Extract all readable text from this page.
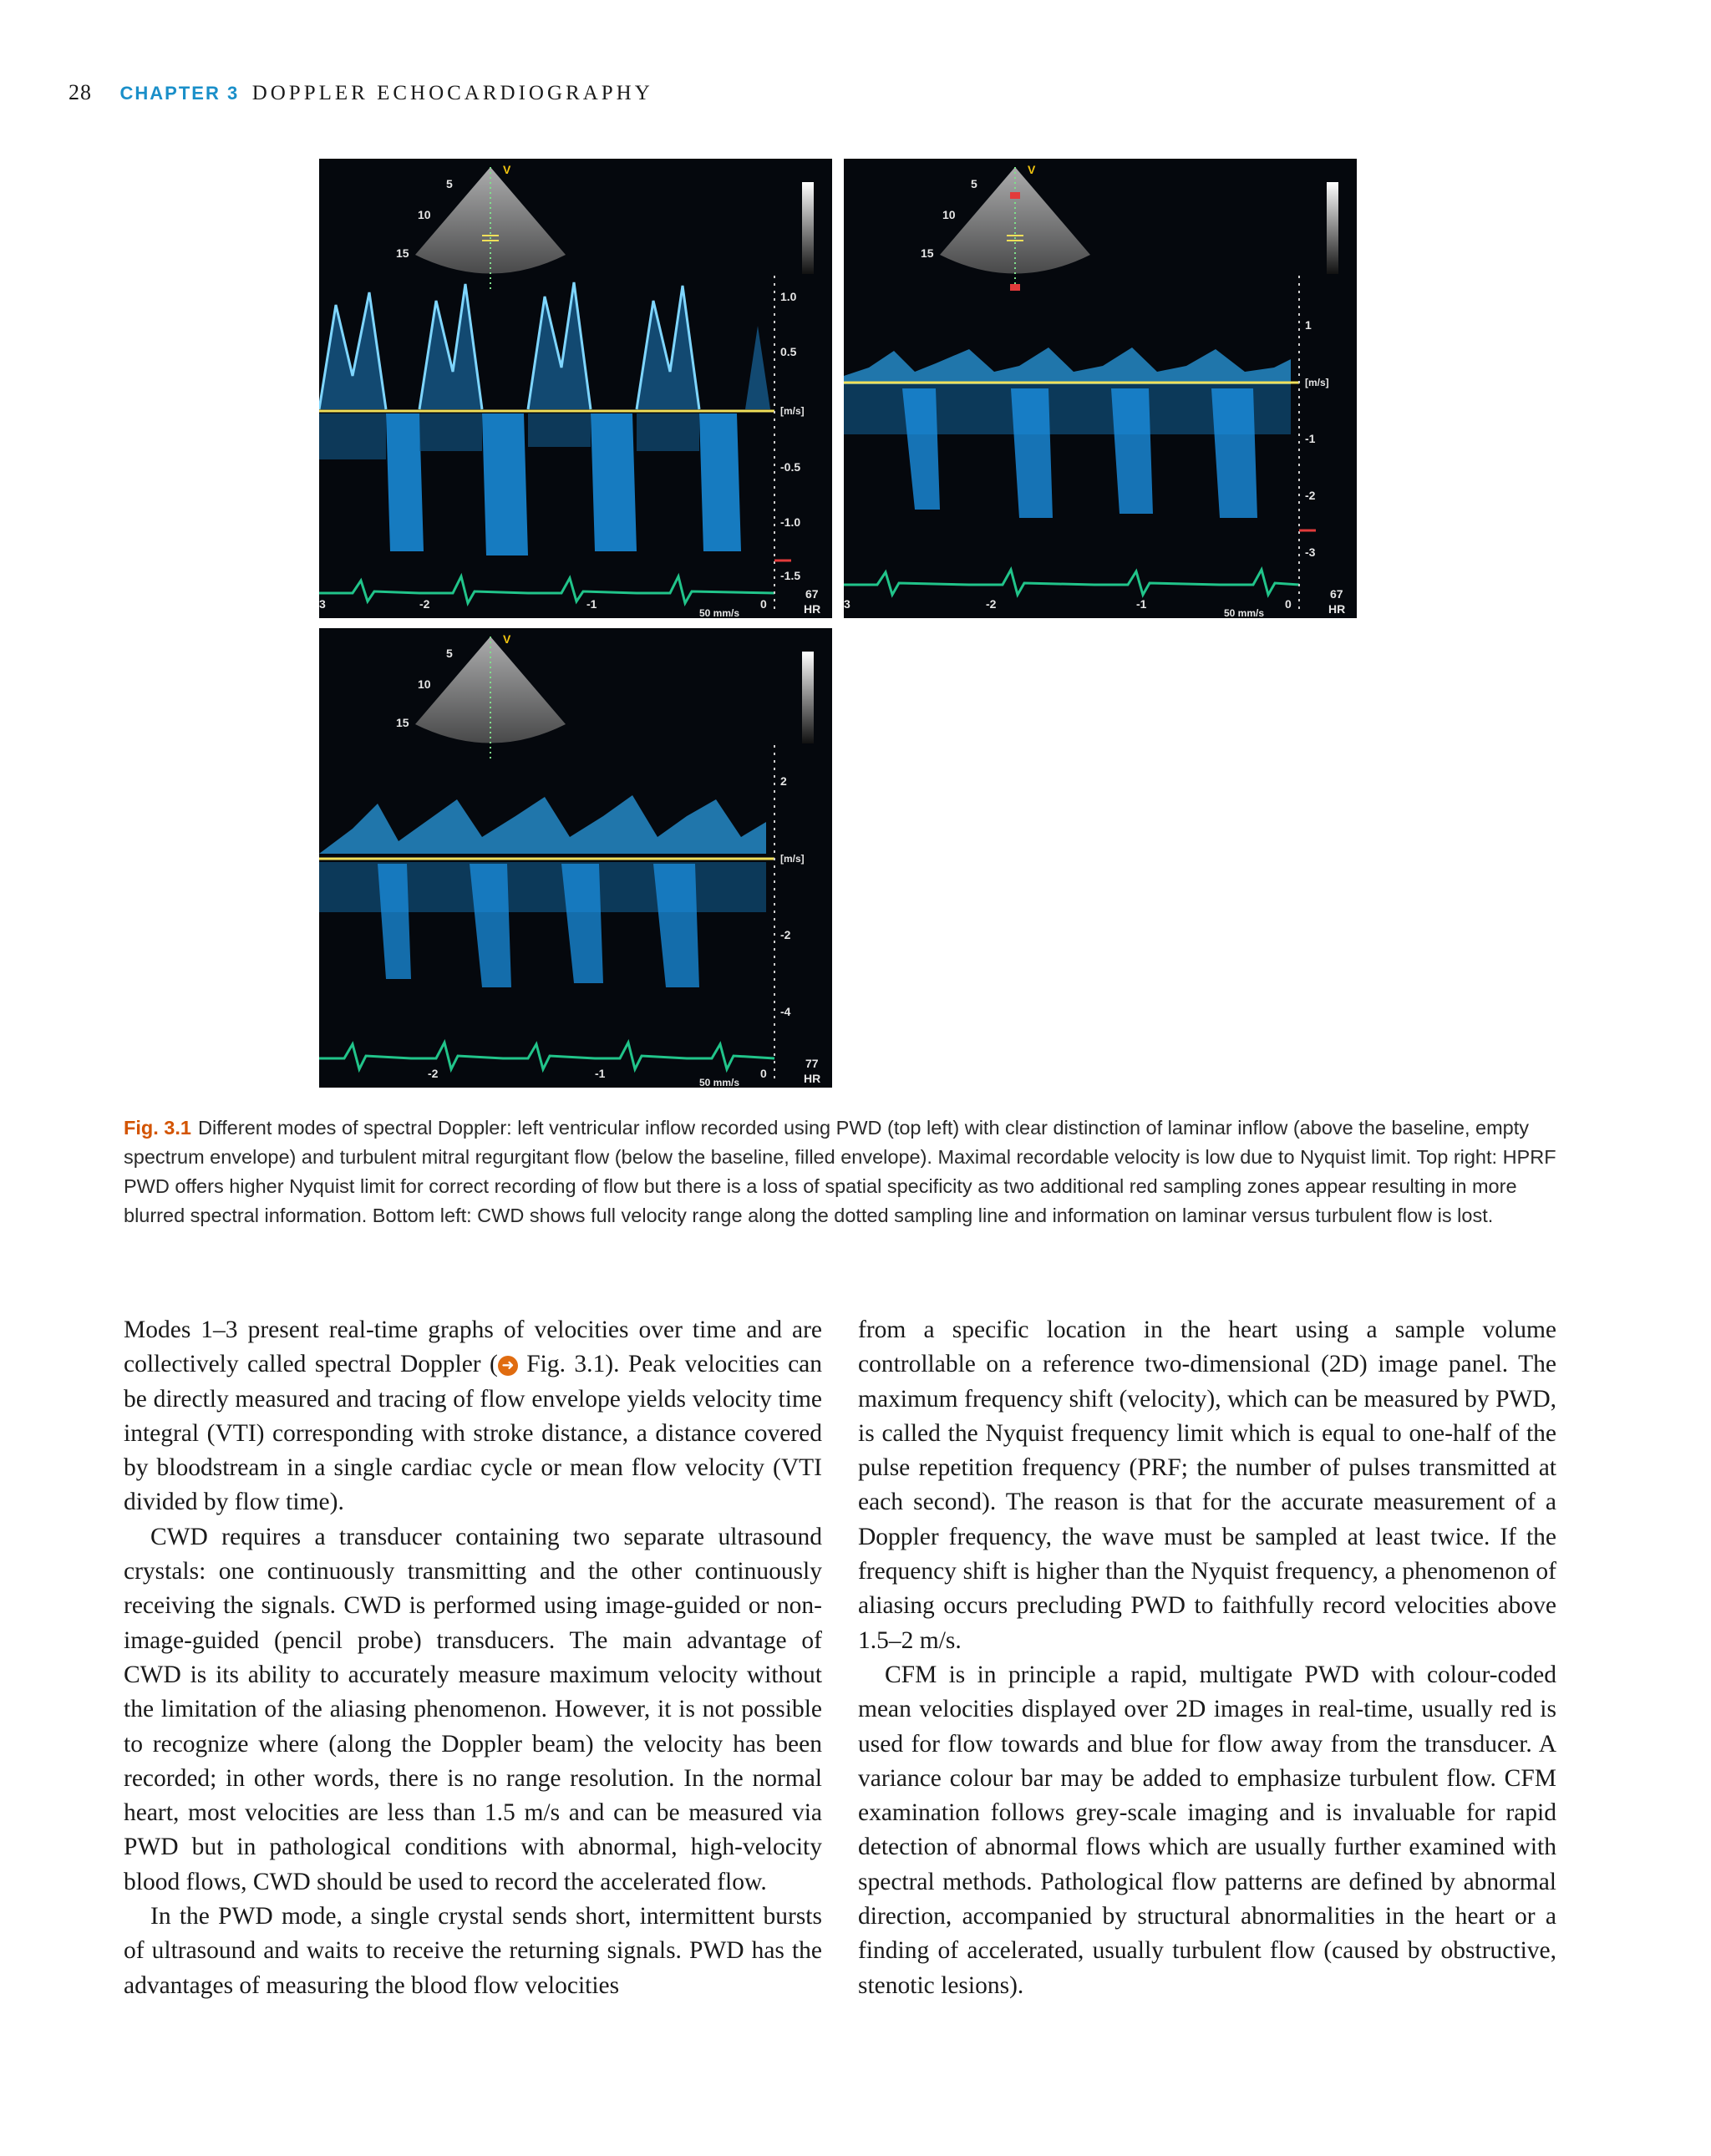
28 CHAPTER 3 DOPPLER ECHOCARDIOGRAPHY
5
10
15
V
1.0
0.5
[m/s]
-0.5
-1.0
-1.5
3	-2	-1	0
50 mm/s
67
HR
5
10
15
V
1
[m/s]
-1
-2
-3
3	-2	-1	0
50 mm/s
67
HR
5
10
15
V
2
[m/s]
-2
-4
-2	-1	0
50 mm/s
77
HR
Fig. 3.1 Different modes of spectral Doppler: left ventricular inflow recorded using PWD (top left) with clear distinction of laminar inflow (above the baseline, empty spectrum envelope) and turbulent mitral regurgitant flow (below the baseline, filled envelope). Maximal recordable velocity is low due to Nyquist limit. Top right: HPRF PWD offers higher Nyquist limit for correct recording of flow but there is a loss of spatial specificity as two additional red sampling zones appear resulting in more blurred spectral information. Bottom left: CWD shows full velocity range along the dotted sampling line and information on laminar versus turbulent flow is lost.

Modes 1–3 present real-time graphs of velocities over time and are collectively called spectral Doppler ( ➜ Fig. 3.1). Peak velocities can be directly measured and tracing of flow envelope yields velocity time integral (VTI) corresponding with stroke distance, a distance covered by bloodstream in a single cardiac cycle or mean flow velocity (VTI divided by flow time).

CWD requires a transducer containing two separate ultrasound crystals: one continuously transmitting and the other continuously receiving the signals. CWD is performed using image-guided or non-image-guided (pencil probe) transducers. The main advantage of CWD is its ability to accurately measure maximum velocity without the limitation of the aliasing phenomenon. However, it is not possible to recognize where (along the Doppler beam) the velocity has been recorded; in other words, there is no range resolution. In the normal heart, most velocities are less than 1.5 m/s and can be measured via PWD but in pathological conditions with abnormal, high-velocity blood flows, CWD should be used to record the accelerated flow.

In the PWD mode, a single crystal sends short, intermittent bursts of ultrasound and waits to receive the returning signals. PWD has the advantages of measuring the blood flow velocities

from a specific location in the heart using a sample volume controllable on a reference two-dimensional (2D) image panel. The maximum frequency shift (velocity), which can be measured by PWD, is called the Nyquist frequency limit which is equal to one-half of the pulse repetition frequency (PRF; the number of pulses transmitted at each second). The reason is that for the accurate measurement of a Doppler frequency, the wave must be sampled at least twice. If the frequency shift is higher than the Nyquist frequency, a phenomenon of aliasing occurs precluding PWD to faithfully record velocities above 1.5–2 m/s.

CFM is in principle a rapid, multigate PWD with colour-coded mean velocities displayed over 2D images in real-time, usually red is used for flow towards and blue for flow away from the transducer. A variance colour bar may be added to emphasize turbulent flow. CFM examination follows grey-scale imaging and is invaluable for rapid detection of abnormal flows which are usually further examined with spectral methods. Pathological flow patterns are defined by abnormal direction, accompanied by structural abnormalities in the heart or a finding of accelerated, usually turbulent flow (caused by obstructive, stenotic lesions).
